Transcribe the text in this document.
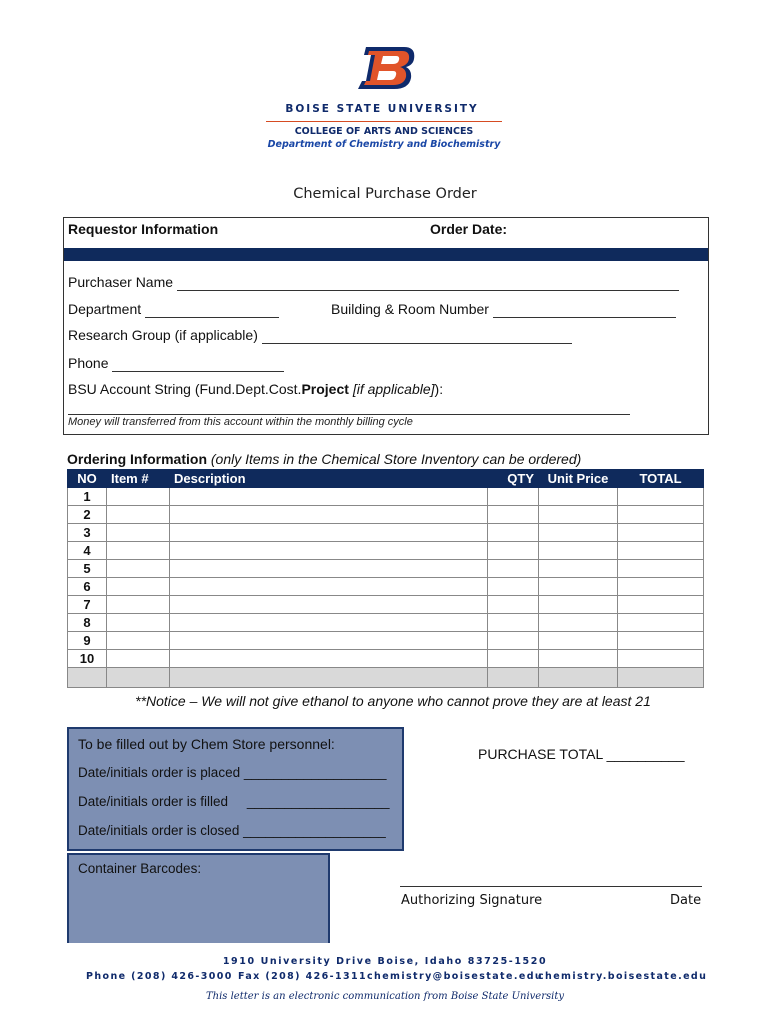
BOISE STATE UNIVERSITY
COLLEGE OF ARTS AND SCIENCES
Department of Chemistry and Biochemistry
Chemical Purchase Order
Requestor Information	Order Date:
Purchaser Name
Department	Building & Room Number
Research Group (if applicable)
Phone
BSU Account String (Fund.Dept.Cost.Project [if applicable]):
Money will transferred from this account within the monthly billing cycle
Ordering Information (only Items in the Chemical Store Inventory can be ordered)
NO	Item #	Description	QTY	Unit Price	TOTAL
1					
2					
3					
4					
5					
6					
7					
8					
9					
10					

**Notice – We will not give ethanol to anyone who cannot prove they are at least 21
To be filled out by Chem Store personnel:
Date/initials order is placed ___________________
Date/initials order is filled     ___________________
Date/initials order is closed ___________________
Container Barcodes:
PURCHASE TOTAL __________
Authorizing Signature	Date
1910 University Drive Boise, Idaho 83725-1520
Phone (208) 426-3000 Fax (208) 426-1311 chemistry@boisestate.edu
chemistry.boisestate.edu
This letter is an electronic communication from Boise State University
